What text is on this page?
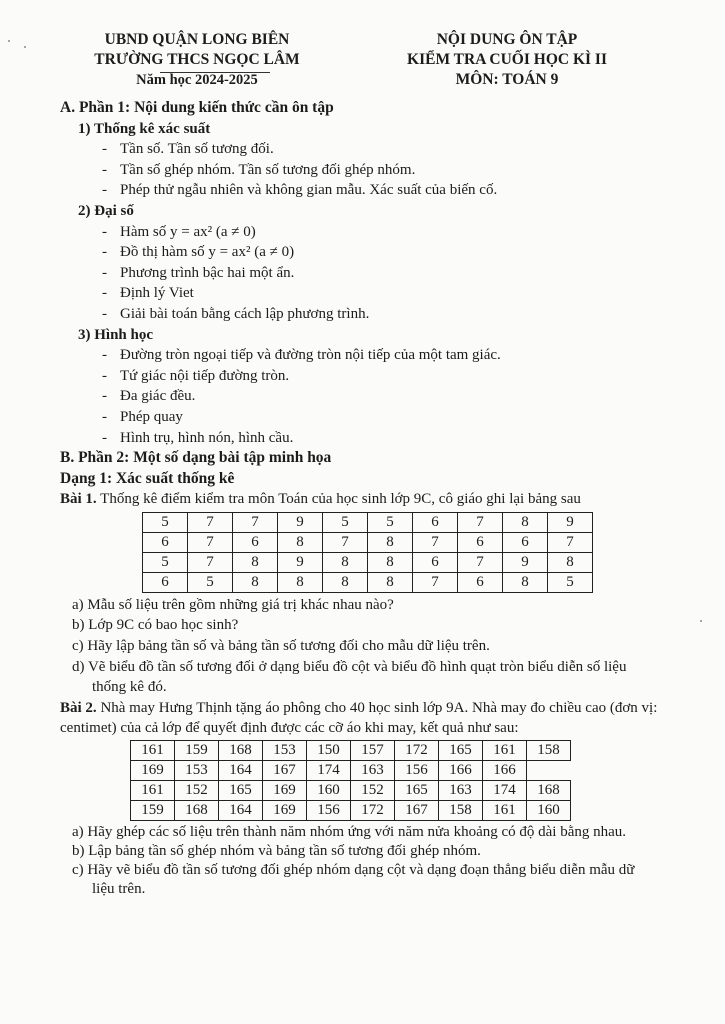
UBND QUẬN LONG BIÊN
TRƯỜNG THCS NGỌC LÂM
Năm học 2024-2025
NỘI DUNG ÔN TẬP
KIỂM TRA CUỐI HỌC KÌ II
MÔN: TOÁN 9
A. Phần 1: Nội dung kiến thức cần ôn tập
1) Thống kê xác suất
- Tần số. Tần số tương đối.
- Tần số ghép nhóm. Tần số tương đối ghép nhóm.
- Phép thử ngẫu nhiên và không gian mẫu. Xác suất của biến cố.
2) Đại số
- Hàm số y = ax² (a ≠ 0)
- Đồ thị hàm số y = ax² (a ≠ 0)
- Phương trình bậc hai một ẩn.
- Định lý Viet
- Giải bài toán bằng cách lập phương trình.
3) Hình học
- Đường tròn ngoại tiếp và đường tròn nội tiếp của một tam giác.
- Tứ giác nội tiếp đường tròn.
- Đa giác đều.
- Phép quay
- Hình trụ, hình nón, hình cầu.
B. Phần 2: Một số dạng bài tập minh họa
Dạng 1: Xác suất thống kê
Bài 1. Thống kê điểm kiểm tra môn Toán của học sinh lớp 9C, cô giáo ghi lại bảng sau
5	7	7	9	5	5	6	7	8	9
6	7	6	8	7	8	7	6	6	7
5	7	8	9	8	8	6	7	9	8
6	5	8	8	8	8	7	6	8	5
a) Mẫu số liệu trên gồm những giá trị khác nhau nào?
b) Lớp 9C có bao học sinh?
c) Hãy lập bảng tần số và bảng tần số tương đối cho mẫu dữ liệu trên.
d) Vẽ biểu đồ tần số tương đối ở dạng biểu đồ cột và biểu đồ hình quạt tròn biểu diễn số liệu thống kê đó.
Bài 2. Nhà may Hưng Thịnh tặng áo phông cho 40 học sinh lớp 9A. Nhà may đo chiều cao (đơn vị: centimet) của cả lớp để quyết định được các cỡ áo khi may, kết quả như sau:
161	159	168	153	150	157	172	165	161	158
169	153	164	167	174	163	156	166	166	
161	152	165	169	160	152	165	163	174	168
159	168	164	169	156	172	167	158	161	160
a) Hãy ghép các số liệu trên thành năm nhóm ứng với năm nửa khoảng có độ dài bằng nhau.
b) Lập bảng tần số ghép nhóm và bảng tần số tương đối ghép nhóm.
c) Hãy vẽ biểu đồ tần số tương đối ghép nhóm dạng cột và dạng đoạn thẳng biểu diễn mẫu dữ liệu trên.
